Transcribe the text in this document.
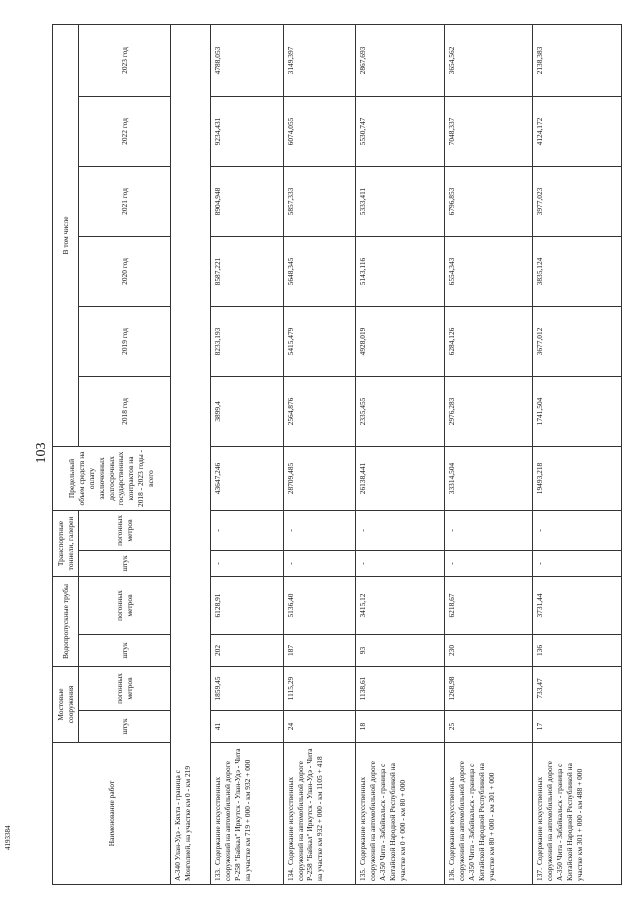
103
4193384	Наименование работ	Мостовые сооружения		Водопропускные трубы		Транспортные тоннели, галереи		Предельный объем средств на оплату заключенных долгосрочных государственных контрактов на 2018 - 2023 годы - всего	В том числе					
	штук	погонных метров	штук	погонных метров	штук	погонных метров		2018 год	2019 год	2020 год	2021 год	2022 год	2023 год
А-340 Улан-Удэ - Кяхта - граница с Монголией, на участке км 0 - км 219													
133.Содержание искусственных сооружений на автомобильной дороге Р-258 "Байкал" Иркутск - Улан-Удэ - Чита на участке км 719 + 000 - км 932 + 000	41	1859,45	202	6128,91	-	-	43647,246	3899,4	8233,193	8587,221	8904,948	9234,431	4788,053
134.Содержание искусственных сооружений на автомобильной дороге Р-258 "Байкал" Иркутск - Улан-Удэ - Чита на участке км 932 + 000 - км 1105 + 418	24	1115,29	187	5136,40	-	-	28709,485	2564,876	5415,479	5648,345	5857,333	6074,055	3149,397
135.Содержание искусственных сооружений на автомобильной дороге А-350 Чита - Забайкальск - граница с Китайской Народной Республикой на участке км 0 + 000 - км 80 + 000	18	1138,61	93	3415,12	-	-	26138,441	2335,455	4928,019	5143,116	5333,411	5530,747	2867,693
136.Содержание искусственных сооружений на автомобильной дороге А-350 Чита - Забайкальск - граница с Китайской Народной Республикой на участке км 80 + 000 - км 301 + 000	25	1268,98	230	6218,67	-	-	33314,504	2976,283	6284,126	6554,343	6796,853	7048,337	3654,562
137.Содержание искусственных сооружений на автомобильной дороге А-350 Чита - Забайкальск - граница с Китайской Народной Республикой на участке км 301 + 000 - км 488 + 000	17	733,47	136	3731,44	-	-	19493,218	1741,504	3677,012	3835,124	3977,023	4124,172	2138,383
